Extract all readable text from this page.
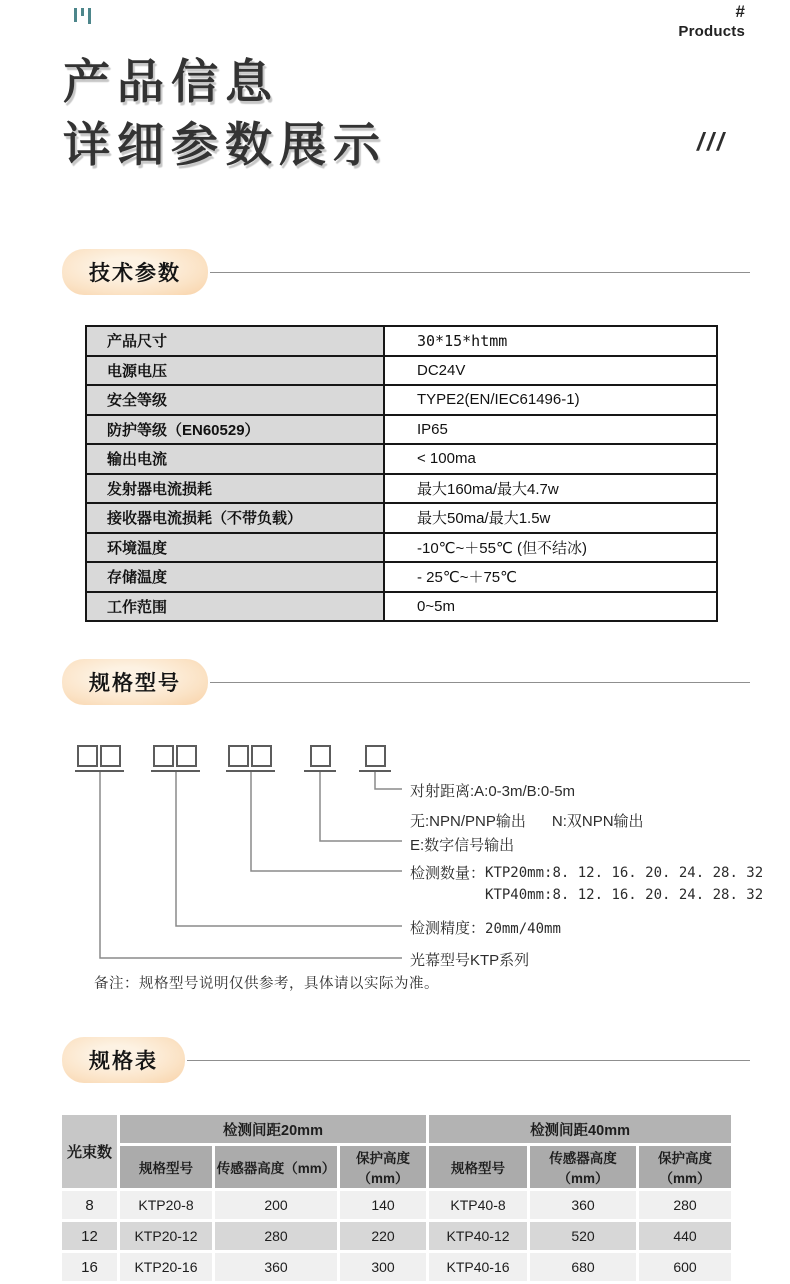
#
Products
产品信息
详细参数展示	///
技术参数
产品尺寸	30*15*htmm
电源电压	DC24V
安全等级	TYPE2(EN/IEC61496-1)
防护等级（EN60529）	IP65
输出电流	< 100ma
发射器电流损耗	最大160ma/最大4.7w
接收器电流损耗（不带负载）	最大50ma/最大1.5w
环境温度	-10℃~＋55℃ (但不结冰)
存储温度	- 25℃~＋75℃
工作范围	0~5m
规格型号
对射距离:A:0-3m/B:0-5m
无:NPN/PNP输出 N:双NPN输出
E:数字信号输出
检测数量： KTP20mm:8. 12. 16. 20. 24. 28. 32
KTP40mm:8. 12. 16. 20. 24. 28. 32
检测精度：20mm/40mm
光幕型号KTP系列
备注：规格型号说明仅供参考，具体请以实际为准。
规格表
光束数	检测间距20mm			检测间距40mm		
	规格型号	传感器高度（mm）	保护高度（mm）	规格型号	传感器高度（mm）	保护高度（mm）
8	KTP20-8	200	140	KTP40-8	360	280
12	KTP20-12	280	220	KTP40-12	520	440
16	KTP20-16	360	300	KTP40-16	680	600
